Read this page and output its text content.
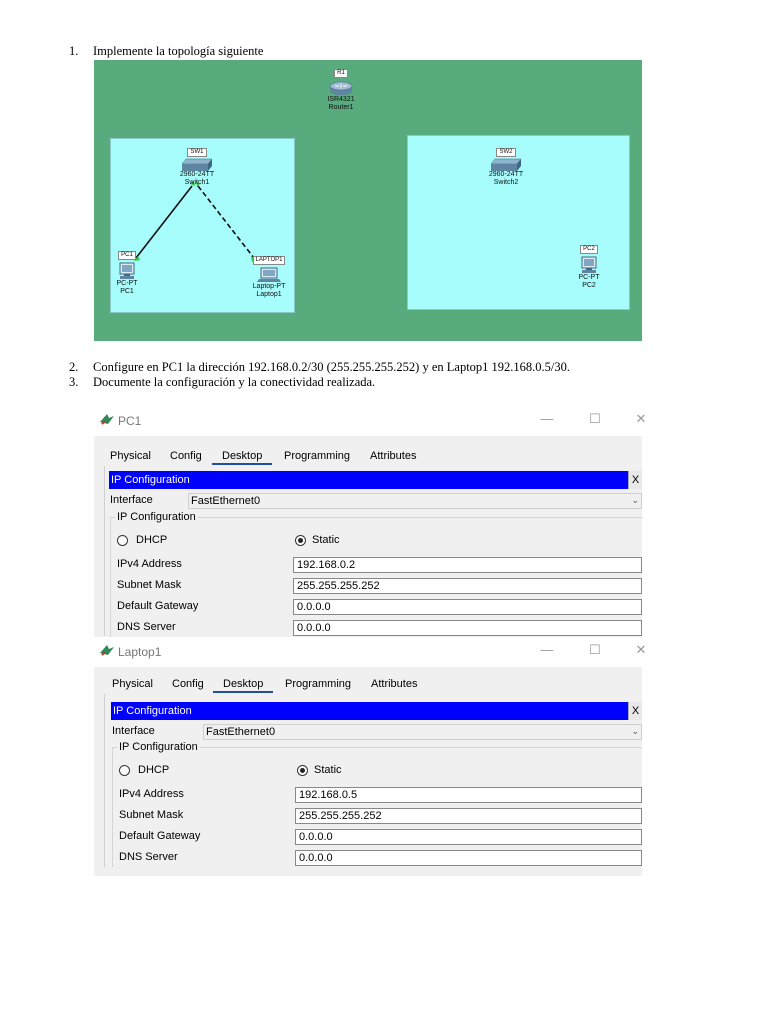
1. Implemente la topología siguiente
R1
ISR4321
Router1
SW1
2960-24TT
Switch1
SW2
2960-24TT
Switch2
PC1
PC-PT
PC1
LAPTOP1
Laptop-PT
Laptop1
PC2
PC-PT
PC2
2. Configure en PC1 la dirección 192.168.0.2/30 (255.255.255.252) y en Laptop1 192.168.0.5/30.
3. Documente la configuración y la conectividad realizada.
PC1	—	☐	✕
Physical Config Desktop Programming Attributes
IP Configuration	X
Interface	FastEthernet0	⌄
IP Configuration
DHCP	Static
IPv4 Address	192.168.0.2
Subnet Mask	255.255.255.252
Default Gateway	0.0.0.0
DNS Server	0.0.0.0
Laptop1	—	☐	✕
Physical Config Desktop Programming Attributes
IP Configuration	X
Interface	FastEthernet0	⌄
IP Configuration
DHCP	Static
IPv4 Address	192.168.0.5
Subnet Mask	255.255.255.252
Default Gateway	0.0.0.0
DNS Server	0.0.0.0
